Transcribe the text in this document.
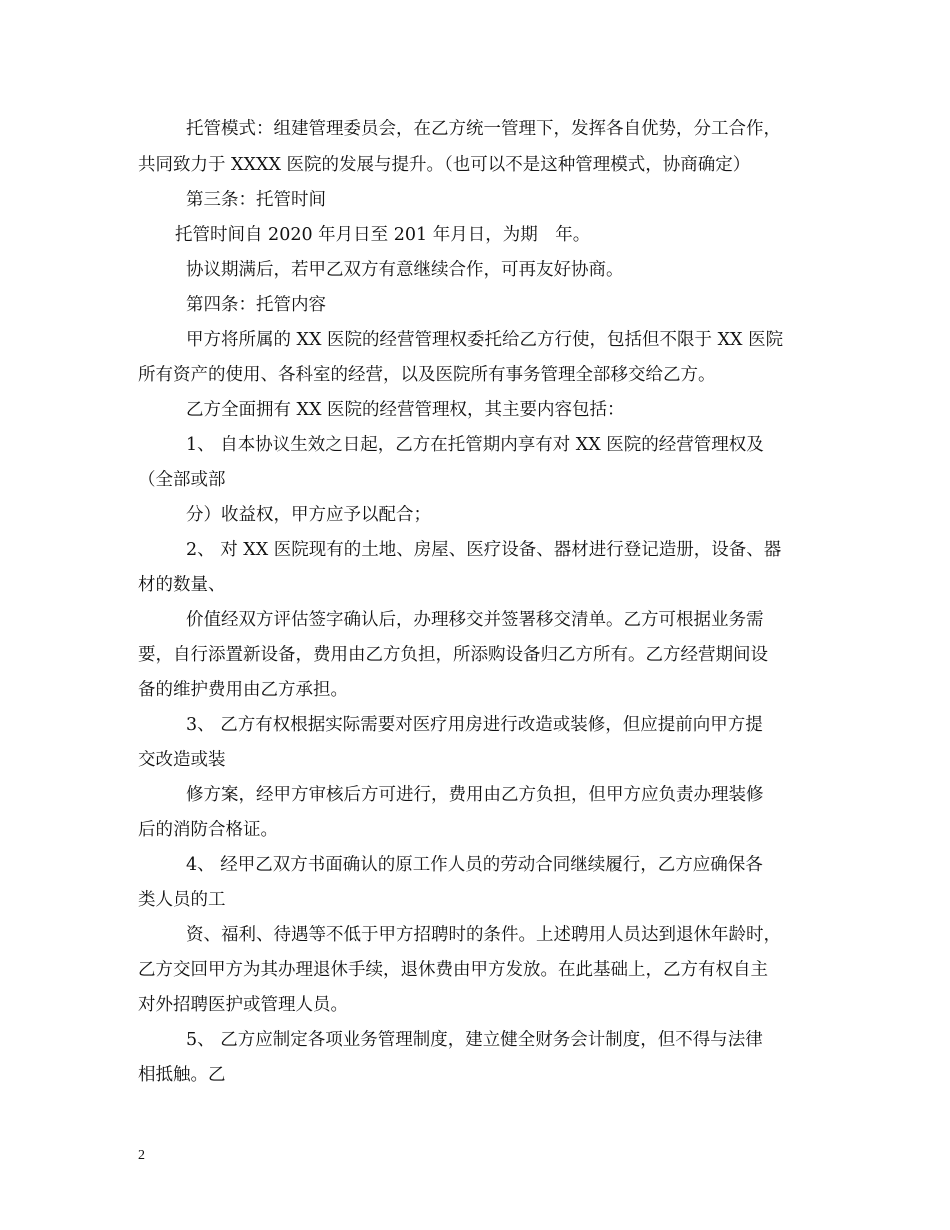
托管模式：组建管理委员会，在乙方统一管理下，发挥各自优势，分工合作，
共同致力于 XXXX 医院的发展与提升。（也可以不是这种管理模式，协商确定）
第三条：托管时间
托管时间自 2020 年月日至 201 年月日，为期　年。
协议期满后，若甲乙双方有意继续合作，可再友好协商。
第四条：托管内容
甲方将所属的 XX 医院的经营管理权委托给乙方行使，包括但不限于 XX 医院
所有资产的使用、各科室的经营，以及医院所有事务管理全部移交给乙方。
乙方全面拥有 XX 医院的经营管理权，其主要内容包括：
1、 自本协议生效之日起，乙方在托管期内享有对 XX 医院的经营管理权及
（全部或部
分）收益权，甲方应予以配合；
2、 对 XX 医院现有的土地、房屋、医疗设备、器材进行登记造册，设备、器
材的数量、
价值经双方评估签字确认后，办理移交并签署移交清单。乙方可根据业务需
要，自行添置新设备，费用由乙方负担，所添购设备归乙方所有。乙方经营期间设
备的维护费用由乙方承担。
3、 乙方有权根据实际需要对医疗用房进行改造或装修，但应提前向甲方提
交改造或装
修方案，经甲方审核后方可进行，费用由乙方负担，但甲方应负责办理装修
后的消防合格证。
4、 经甲乙双方书面确认的原工作人员的劳动合同继续履行，乙方应确保各
类人员的工
资、福利、待遇等不低于甲方招聘时的条件。上述聘用人员达到退休年龄时，
乙方交回甲方为其办理退休手续，退休费由甲方发放。在此基础上，乙方有权自主
对外招聘医护或管理人员。
5、 乙方应制定各项业务管理制度，建立健全财务会计制度，但不得与法律
相抵触。乙
2
